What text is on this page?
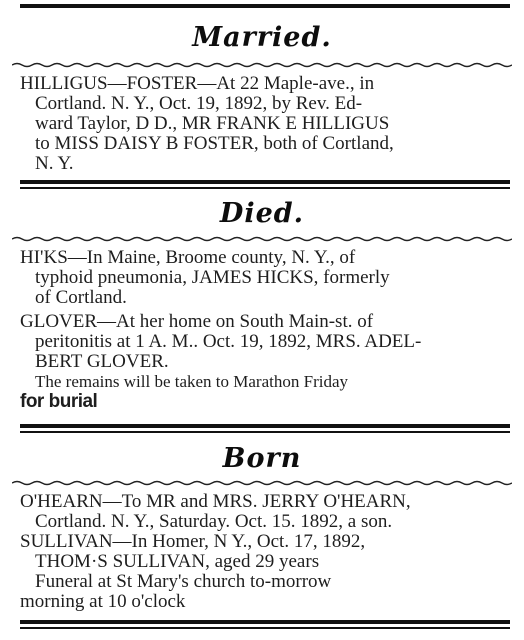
Married.
HILLIGUS—FOSTER—At 22 Maple-ave., in
Cortland. N. Y., Oct. 19, 1892, by Rev. Ed-
ward Taylor, D D., MR FRANK E HILLIGUS
to MISS DAISY B FOSTER, both of Cortland,
N. Y.
Died.
HI'KS—In Maine, Broome county, N. Y., of
typhoid pneumonia, JAMES HICKS, formerly
of Cortland.
GLOVER—At her home on South Main-st. of
peritonitis at 1 A. M.. Oct. 19, 1892, MRS. ADEL-
BERT GLOVER.
The remains will be taken to Marathon Friday
for burial
Born
O'HEARN—To MR and MRS. JERRY O'HEARN,
Cortland. N. Y., Saturday. Oct. 15. 1892, a son.
SULLIVAN—In Homer, N Y., Oct. 17, 1892,
THOM·S SULLIVAN, aged 29 years
Funeral at St Mary's church to-morrow
morning at 10 o'clock
